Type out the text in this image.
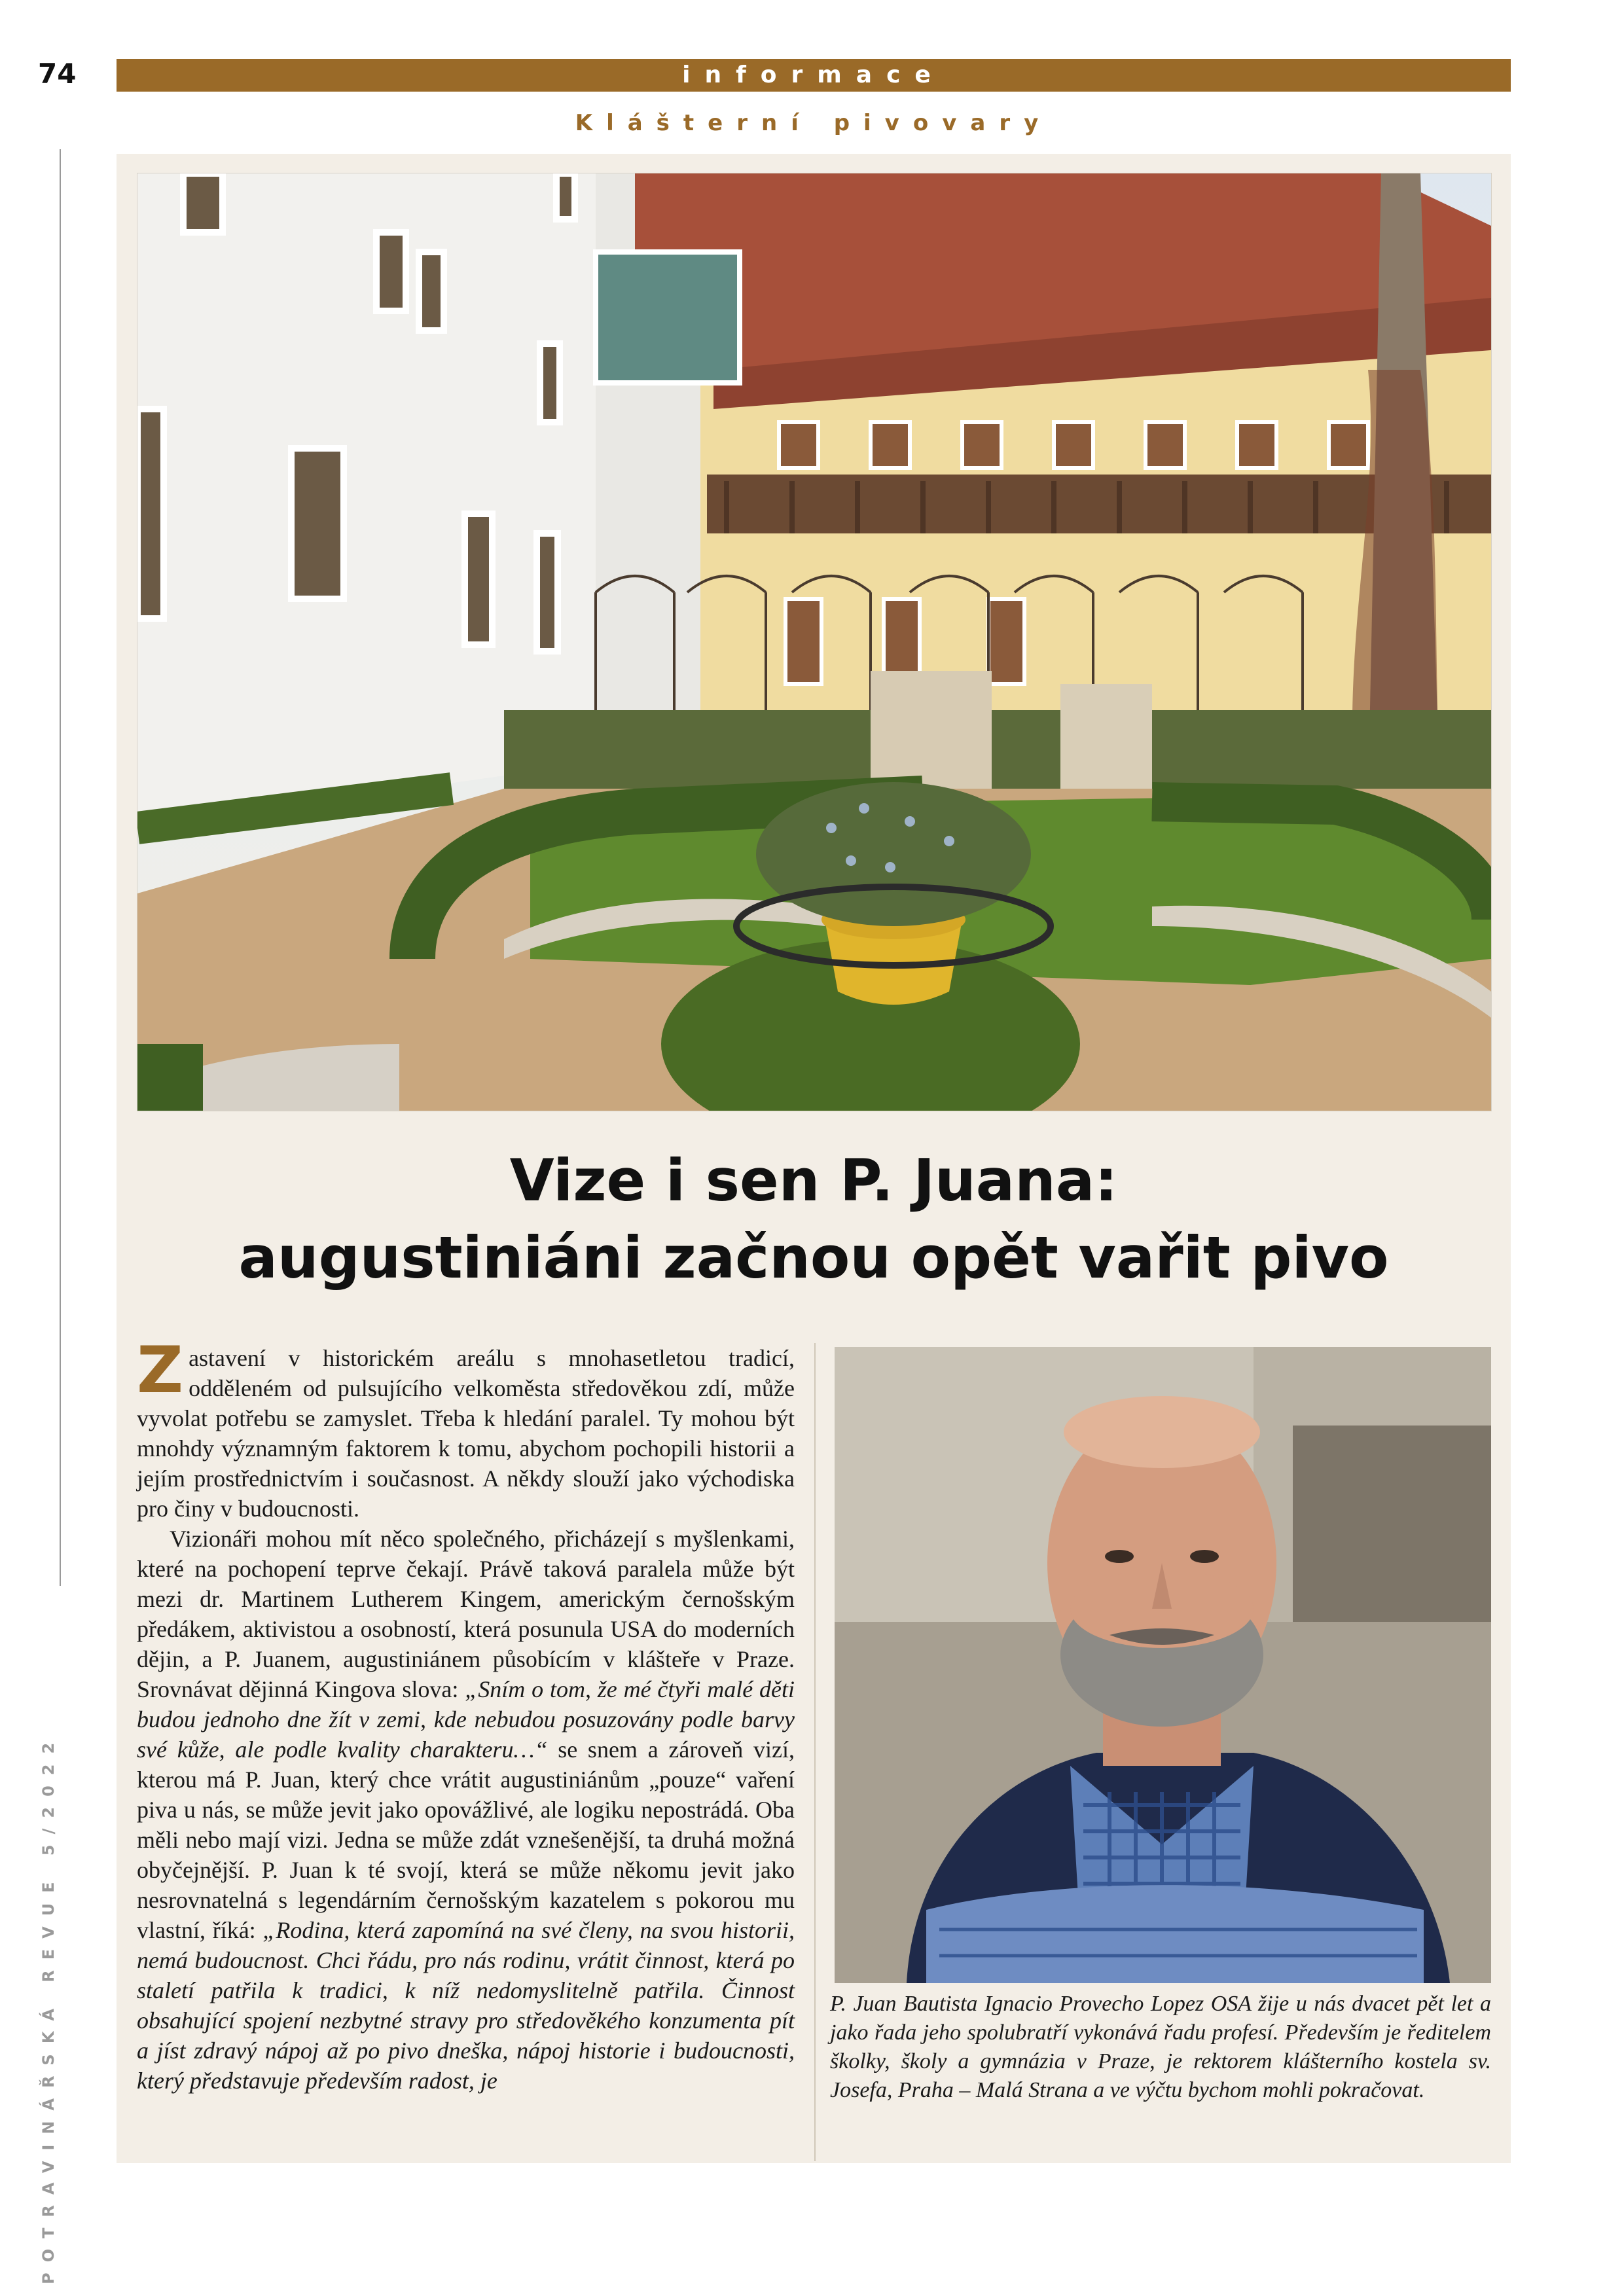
74	informace
Klášterní pivovary
POTRAVINÁŘSKÁ REVUE 5/2022
Vize i sen P. Juana:
augustiniáni začnou opět vařit pivo

Zastavení v historickém areálu s mnohasetletou tradicí, odděleném od pulsujícího velkoměsta středověkou zdí, může vyvolat potřebu se zamyslet. Třeba k hledání paralel. Ty mohou být mnohdy významným faktorem k tomu, abychom pochopili historii a jejím prostřednictvím i současnost. A někdy slouží jako východiska pro činy v budoucnosti.

Vizionáři mohou mít něco společného, přicházejí s myšlenkami, které na pochopení teprve čekají. Právě taková paralela může být mezi dr. Martinem Lutherem Kingem, americkým černošským předákem, aktivistou a osobností, která posunula USA do moderních dějin, a P. Juanem, augustiniánem působícím v klášteře v Praze. Srovnávat dějinná Kingova slova: „Sním o tom, že mé čtyři malé děti budou jednoho dne žít v zemi, kde nebudou posuzovány podle barvy své kůže, ale podle kvality charakteru…“ se snem a zároveň vizí, kterou má P. Juan, který chce vrátit augustiniánům „pouze“ vaření piva u nás, se může jevit jako opovážlivé, ale logiku nepostrádá. Oba měli nebo mají vizi. Jedna se může zdát vznešenější, ta druhá možná obyčejnější. P. Juan k té svojí, která se může někomu jevit jako nesrovnatelná s legendárním černošským kazatelem s pokorou mu vlastní, říká: „Rodina, která zapomíná na své členy, na svou historii, nemá budoucnost. Chci řádu, pro nás rodinu, vrátit činnost, která po staletí patřila k tradici, k níž nedomyslitelně patřila. Činnost obsahující spojení nezbytné stravy pro středověkého konzumenta pít a jíst zdravý nápoj až po pivo dneška, nápoj historie i budoucnosti, který představuje především radost, je

P. Juan Bautista Ignacio Provecho Lopez OSA žije u nás dvacet pět let a jako řada jeho spolubratří vykonává řadu profesí. Především je ředitelem školky, školy a gymnázia v Praze, je rektorem klášterního kostela sv. Josefa, Praha – Malá Strana a ve výčtu bychom mohli pokračovat.
